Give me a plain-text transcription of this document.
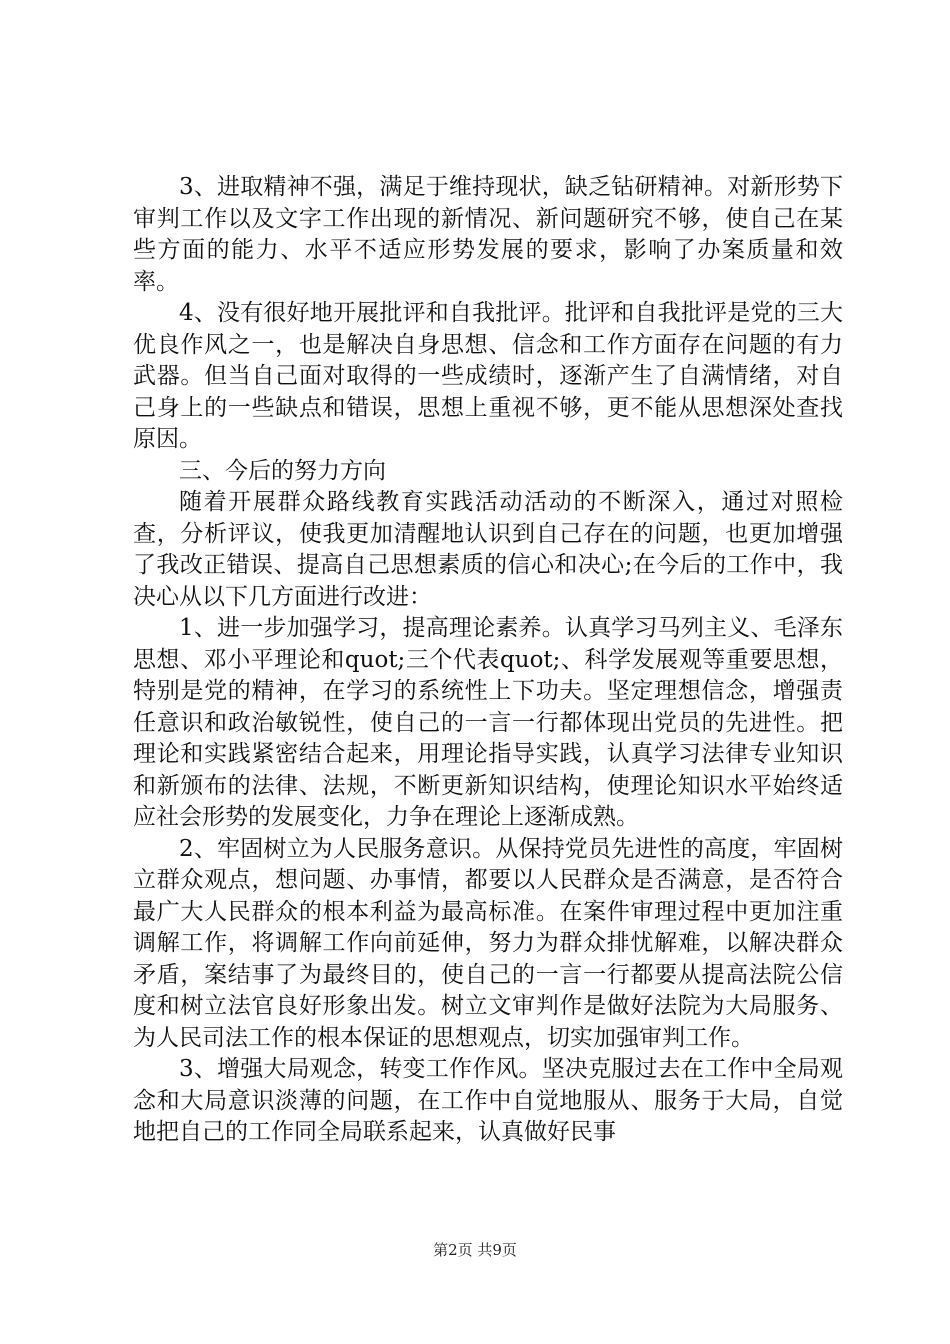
3、进取精神不强，满足于维持现状，缺乏钻研精神。对新形势下审判工作以及文字工作出现的新情况、新问题研究不够，使自己在某些方面的能力、水平不适应形势发展的要求，影响了办案质量和效率。

4、没有很好地开展批评和自我批评。批评和自我批评是党的三大优良作风之一，也是解决自身思想、信念和工作方面存在问题的有力武器。但当自己面对取得的一些成绩时，逐渐产生了自满情绪，对自己身上的一些缺点和错误，思想上重视不够，更不能从思想深处查找原因。

三、今后的努力方向

随着开展群众路线教育实践活动活动的不断深入，通过对照检查，分析评议，使我更加清醒地认识到自己存在的问题，也更加增强了我改正错误、提高自己思想素质的信心和决心;在今后的工作中，我决心从以下几方面进行改进：

1、进一步加强学习，提高理论素养。认真学习马列主义、毛泽东思想、邓小平理论和quot;三个代表quot;、科学发展观等重要思想，特别是党的精神，在学习的系统性上下功夫。坚定理想信念，增强责任意识和政治敏锐性，使自己的一言一行都体现出党员的先进性。把理论和实践紧密结合起来，用理论指导实践，认真学习法律专业知识和新颁布的法律、法规，不断更新知识结构，使理论知识水平始终适应社会形势的发展变化，力争在理论上逐渐成熟。

2、牢固树立为人民服务意识。从保持党员先进性的高度，牢固树立群众观点，想问题、办事情，都要以人民群众是否满意，是否符合最广大人民群众的根本利益为最高标准。在案件审理过程中更加注重调解工作，将调解工作向前延伸，努力为群众排忧解难，以解决群众矛盾，案结事了为最终目的，使自己的一言一行都要从提高法院公信度和树立法官良好形象出发。树立文审判作是做好法院为大局服务、为人民司法工作的根本保证的思想观点，切实加强审判工作。

3、增强大局观念，转变工作作风。坚决克服过去在工作中全局观念和大局意识淡薄的问题，在工作中自觉地服从、服务于大局，自觉地把自己的工作同全局联系起来，认真做好民事

第2页 共9页
